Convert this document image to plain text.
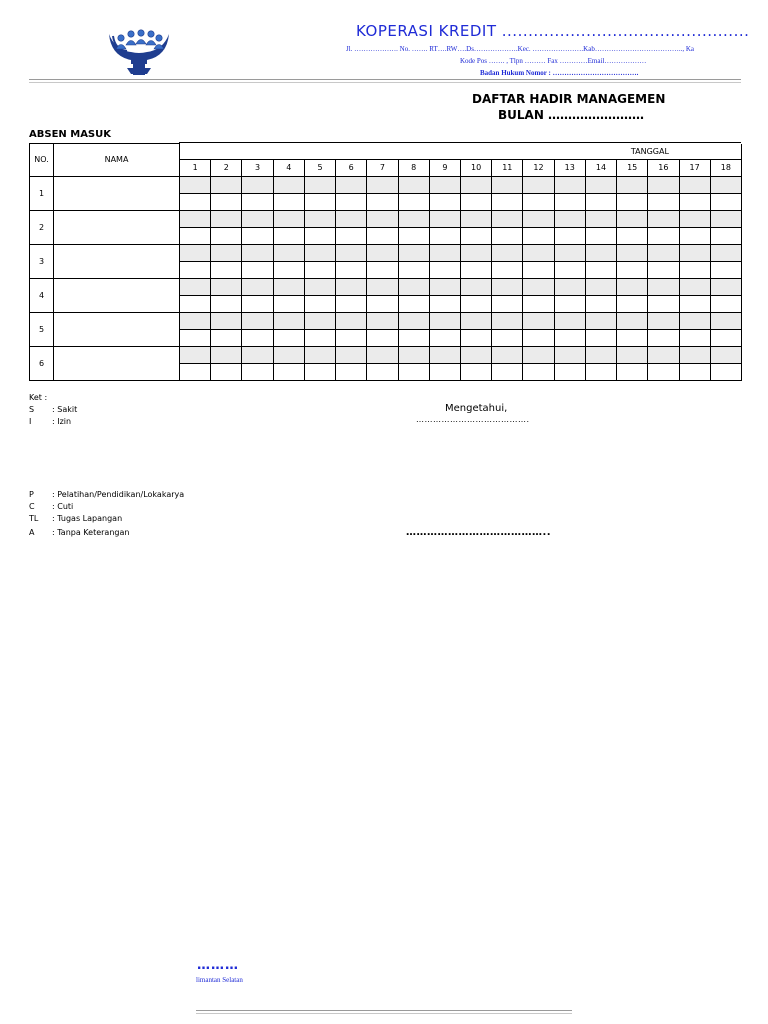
KOPERASI KREDIT ...............................................
Jl. ………………. No. ……. RT….RW….Ds……………….Kec. ………………….Kab……………………………….., Ka
Kode Pos ……. , Tlpn ……… Fax …………Email………………
Badan Hukum Nomor : ……………………………….
DAFTAR HADIR MANAGEMEN
BULAN ……………………
ABSEN MASUK
NO.	NAMA	TANGGAL																	
		1	2	3	4	5	6	7	8	9	10	11	12	13	14	15	16	17	18
1																			

2																			

3																			

4																			

5																			

6																			

Ket :
S : Sakit
I	: Izin
P : Pelatihan/Pendidikan/Lokakarya
C : Cuti
TL : Tugas Lapangan
A : Tanpa Keterangan
Mengetahui,
………………………………….
…………………………………..
………
limantan Selatan
